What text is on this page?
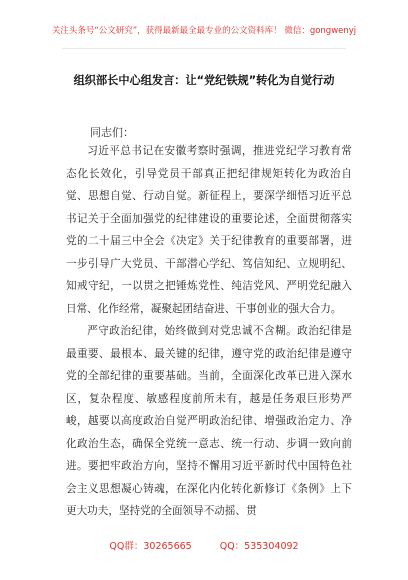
关注头条号“公文研究”，获得最新最全最专业的公文资料库！ 微信：gongwenyj
组织部长中心组发言：让“党纪铁规”转化为自觉行动
同志们：

习近平总书记在安徽考察时强调，推进党纪学习教育常态化长效化，引导党员干部真正把纪律规矩转化为政治自觉、思想自觉、行动自觉。新征程上，要深学细悟习近平总书记关于全面加强党的纪律建设的重要论述，全面贯彻落实党的二十届三中全会《决定》关于纪律教育的重要部署，进一步引导广大党员、干部潜心学纪、笃信知纪、立规明纪、知戒守纪，一以贯之把锤炼党性、纯洁党风、严明党纪融入日常、化作经常，凝聚起团结奋进、干事创业的强大合力。

严守政治纪律，始终做到对党忠诚不含糊。政治纪律是最重要、最根本、最关键的纪律，遵守党的政治纪律是遵守党的全部纪律的重要基础。当前，全面深化改革已进入深水区，复杂程度、敏感程度前所未有，越是任务艰巨形势严峻，越要以高度政治自觉严明政治纪律、增强政治定力、净化政治生态，确保全党统一意志、统一行动、步调一致向前进。要把牢政治方向，坚持不懈用习近平新时代中国特色社会主义思想凝心铸魂，在深化内化转化新修订《条例》上下更大功夫，坚持党的全面领导不动摇、贯

QQ群：30265665	QQ：535304092
